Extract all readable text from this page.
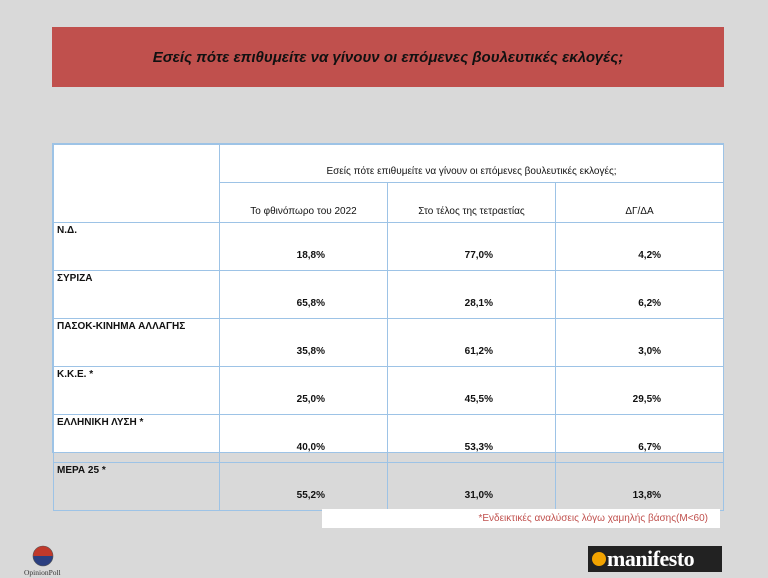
Εσείς πότε επιθυμείτε να γίνουν οι επόμενες βουλευτικές εκλογές;
	Εσείς πότε επιθυμείτε να γίνουν οι επόμενες βουλευτικές εκλογές;		
	Το φθινόπωρο του 2022	Στο τέλος της τετραετίας	ΔΓ/ΔΑ
Ν.Δ.	18,8%	77,0%	4,2%
ΣΥΡΙΖΑ	65,8%	28,1%	6,2%
ΠΑΣΟΚ-ΚΙΝΗΜΑ ΑΛΛΑΓΗΣ	35,8%	61,2%	3,0%
Κ.Κ.Ε. *	25,0%	45,5%	29,5%
ΕΛΛΗΝΙΚΗ ΛΥΣΗ *	40,0%	53,3%	6,7%
ΜΕΡΑ 25 *	55,2%	31,0%	13,8%
*Ενδεικτικές αναλύσεις λόγω χαμηλής βάσης(Μ<60)
OpinionPoll
manifesto
